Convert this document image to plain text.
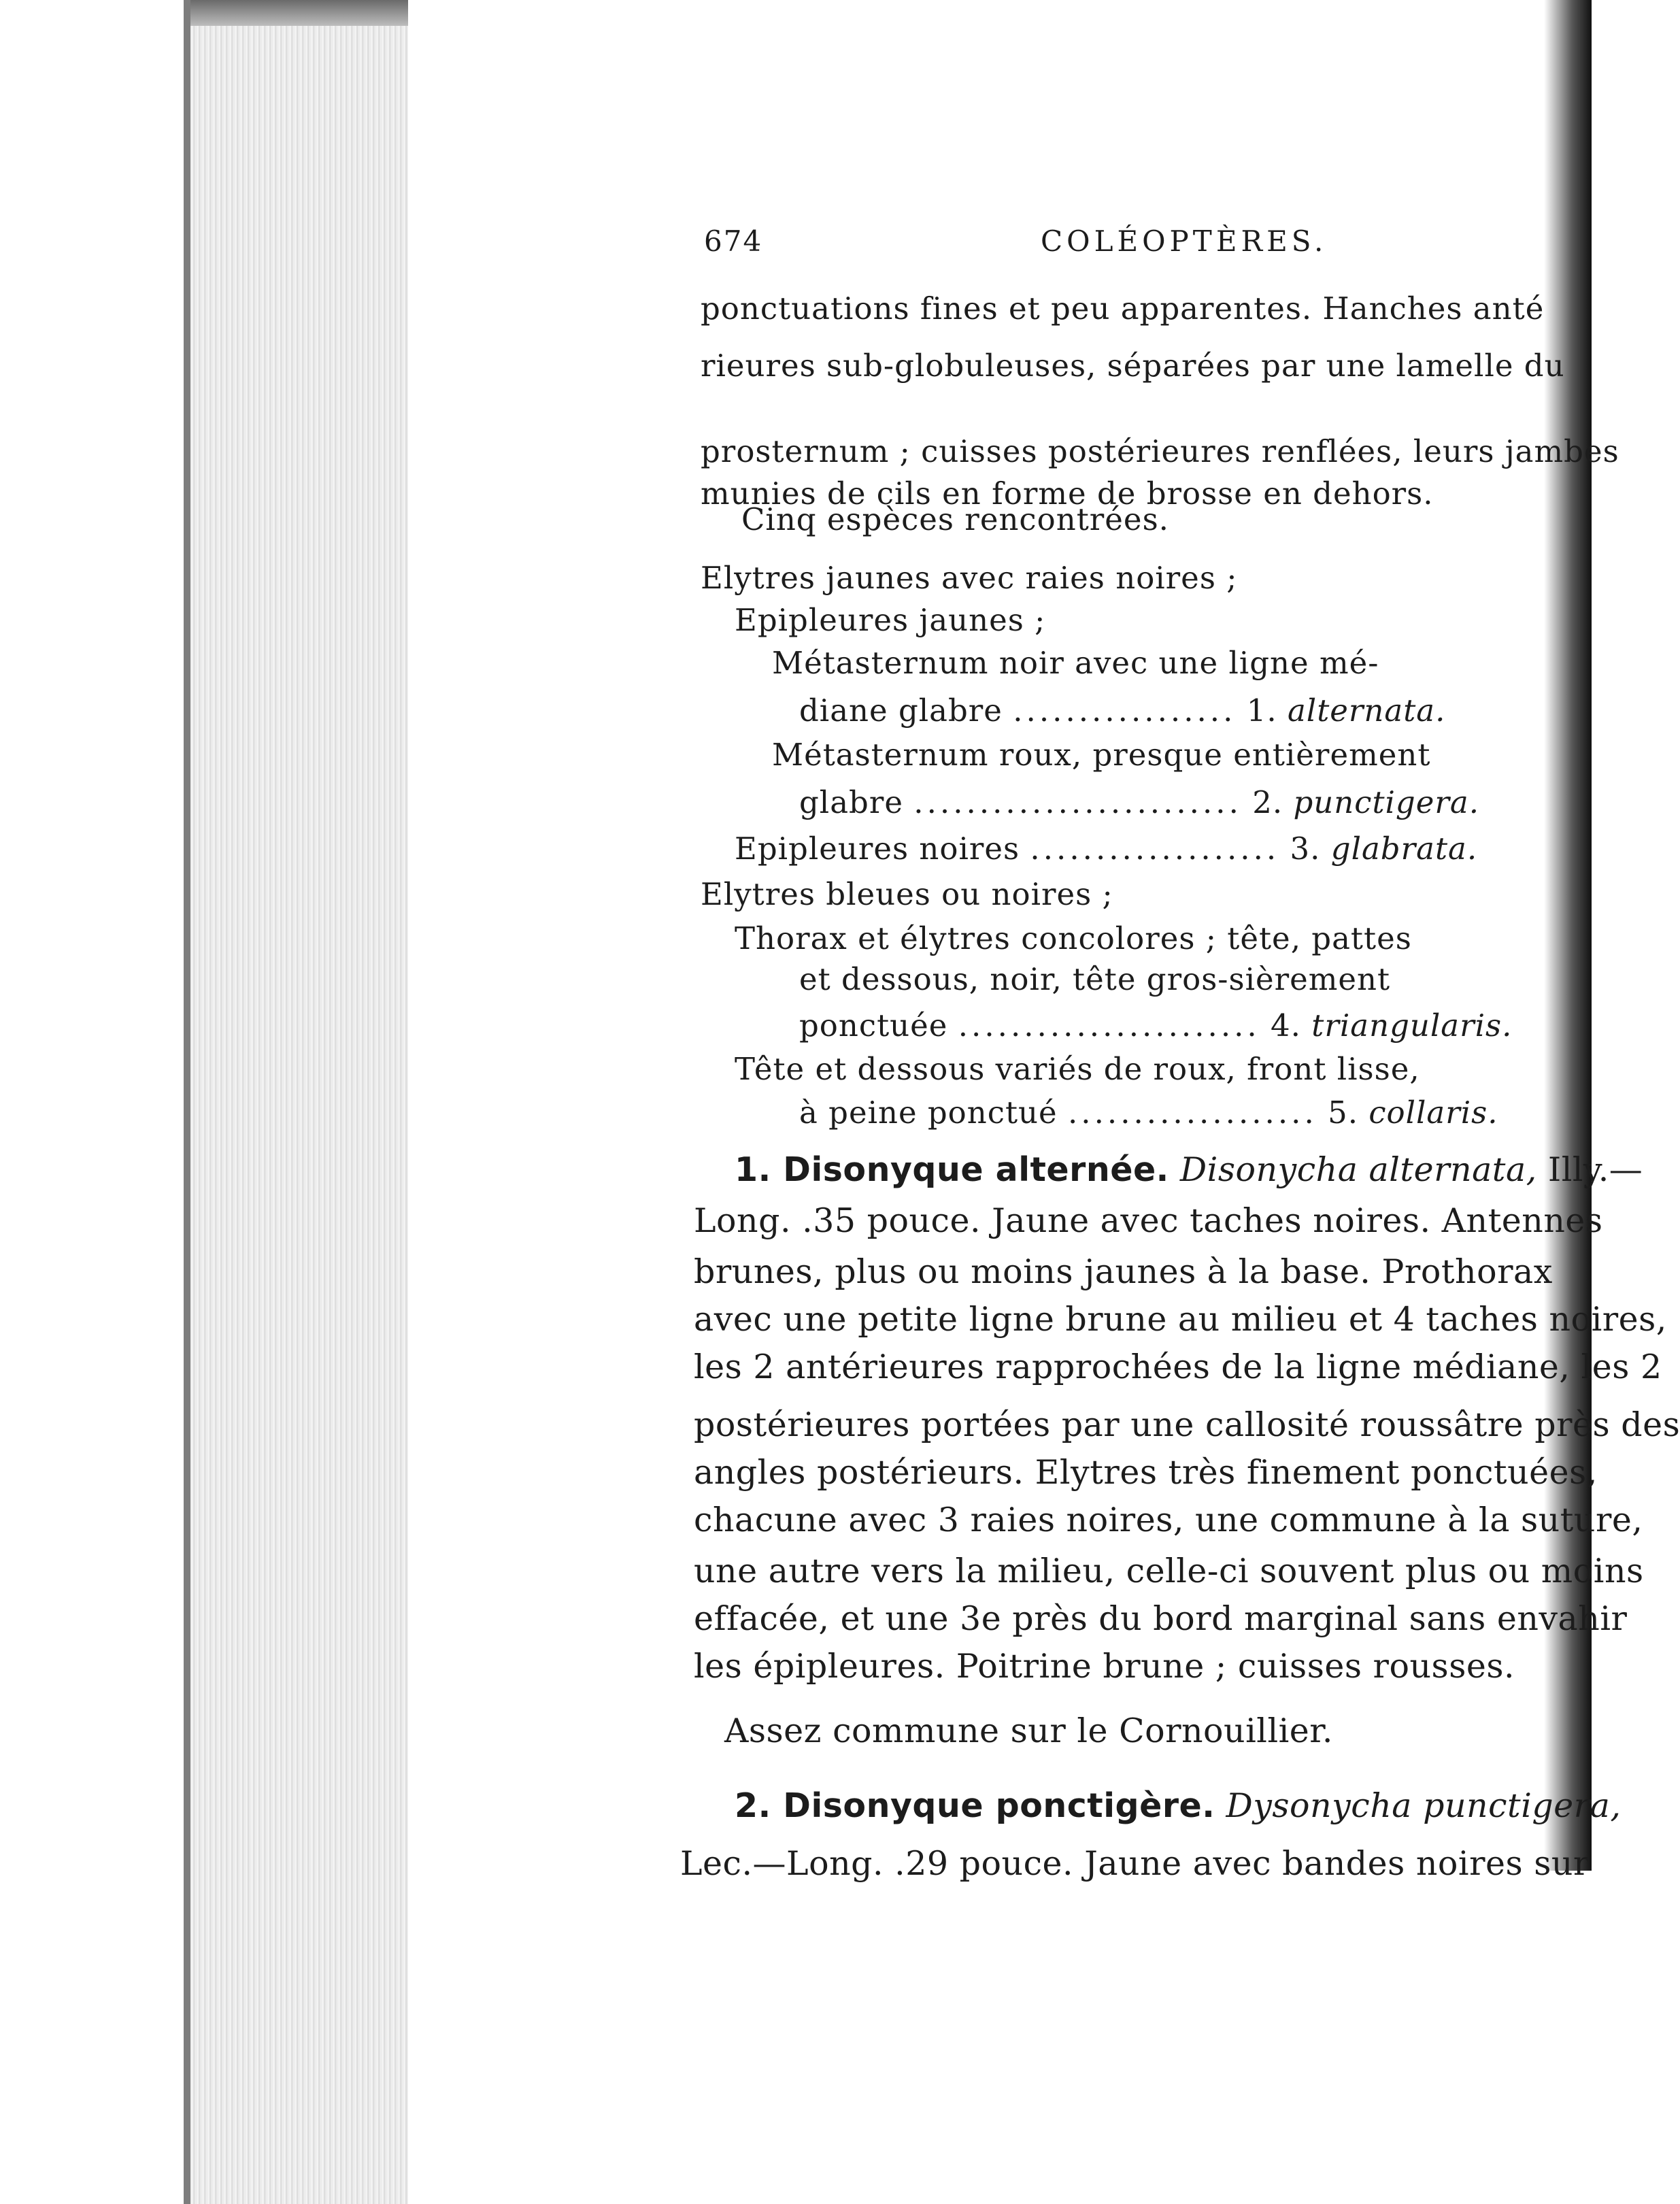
674	COLÉOPTÈRES.
ponctuations fines et peu apparentes. Hanches anté
rieures sub-globuleuses, séparées par une lamelle du
prosternum ; cuisses postérieures renflées, leurs jambes
munies de cils en forme de brosse en dehors.
Cinq espèces rencontrées.
Elytres jaunes avec raies noires ;
Epipleures jaunes ;
Métasternum noir avec une ligne mé-
diane glabre ................. 1. alternata.
Métasternum roux, presque entièrement
glabre ......................... 2. punctigera.
Epipleures noires ................... 3. glabrata.
Elytres bleues ou noires ;
Thorax et élytres concolores ; tête, pattes
et dessous, noir, tête gros-sièrement
ponctuée ....................... 4. triangularis.
Tête et dessous variés de roux, front lisse,
à peine ponctué ................... 5. collaris.
1. Disonyque alternée. Disonycha alternata, Illy.—
Long. .35 pouce. Jaune avec taches noires. Antennes
brunes, plus ou moins jaunes à la base. Prothorax
avec une petite ligne brune au milieu et 4 taches noires,
les 2 antérieures rapprochées de la ligne médiane, les 2
postérieures portées par une callosité roussâtre près des
angles postérieurs. Elytres très finement ponctuées,
chacune avec 3 raies noires, une commune à la suture,
une autre vers la milieu, celle-ci souvent plus ou moins
effacée, et une 3e près du bord marginal sans envahir
les épipleures. Poitrine brune ; cuisses rousses.
Assez commune sur le Cornouillier.
2. Disonyque ponctigère. Dysonycha punctigera,
Lec.—Long. .29 pouce. Jaune avec bandes noires sur
